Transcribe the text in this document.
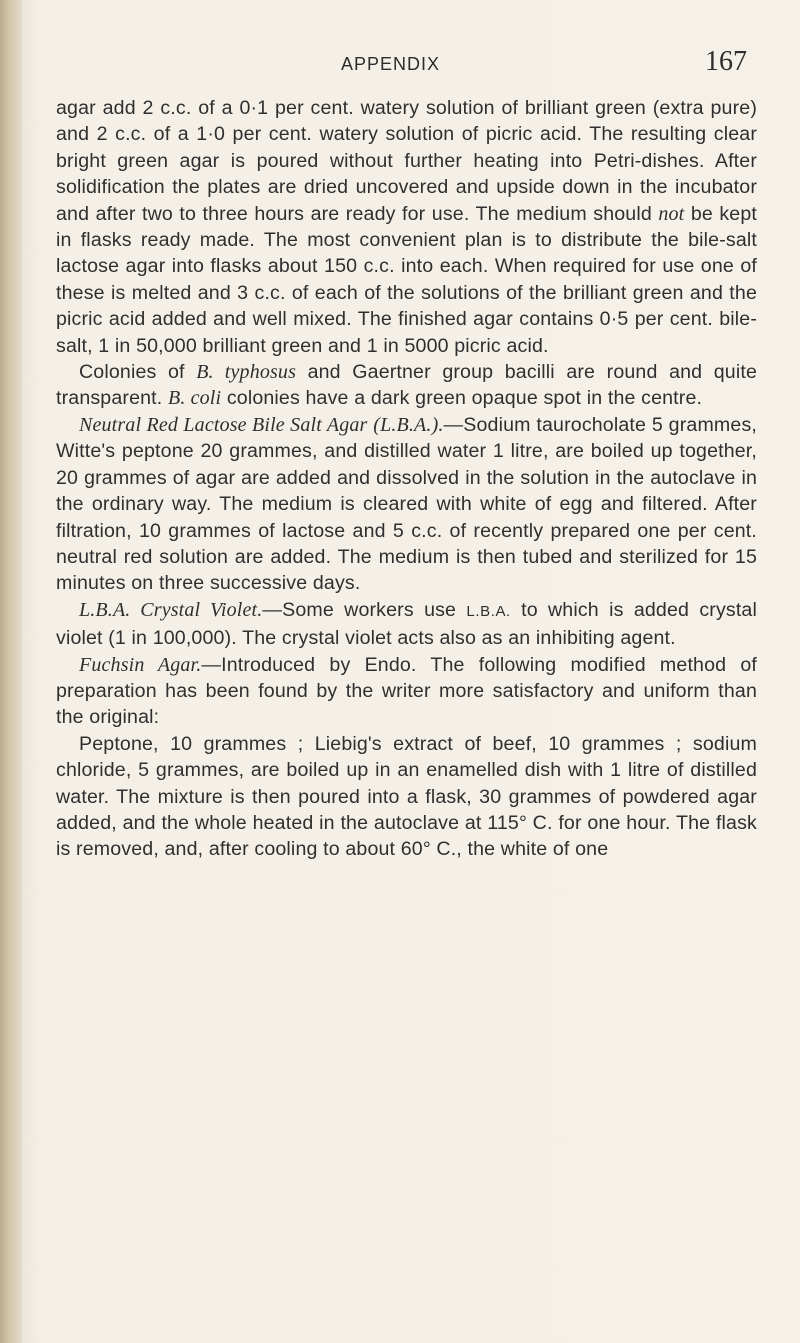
APPENDIX	167

agar add 2 c.c. of a 0·1 per cent. watery solution of brilliant green (extra pure) and 2 c.c. of a 1·0 per cent. watery solution of picric acid. The resulting clear bright green agar is poured without further heating into Petri-dishes. After solidification the plates are dried uncovered and upside down in the incubator and after two to three hours are ready for use. The medium should not be kept in flasks ready made. The most convenient plan is to distribute the bile-salt lactose agar into flasks about 150 c.c. into each. When required for use one of these is melted and 3 c.c. of each of the solutions of the brilliant green and the picric acid added and well mixed. The finished agar contains 0·5 per cent. bile-salt, 1 in 50,000 brilliant green and 1 in 5000 picric acid.

Colonies of B. typhosus and Gaertner group bacilli are round and quite transparent. B. coli colonies have a dark green opaque spot in the centre.

Neutral Red Lactose Bile Salt Agar (L.B.A.).—Sodium taurocholate 5 grammes, Witte's peptone 20 grammes, and distilled water 1 litre, are boiled up together, 20 grammes of agar are added and dissolved in the solution in the autoclave in the ordinary way. The medium is cleared with white of egg and filtered. After filtration, 10 grammes of lactose and 5 c.c. of recently prepared one per cent. neutral red solution are added. The medium is then tubed and sterilized for 15 minutes on three successive days.

L.B.A. Crystal Violet.—Some workers use L.B.A. to which is added crystal violet (1 in 100,000). The crystal violet acts also as an inhibiting agent.

Fuchsin Agar.—Introduced by Endo. The following modified method of preparation has been found by the writer more satisfactory and uniform than the original:

Peptone, 10 grammes ; Liebig's extract of beef, 10 grammes ; sodium chloride, 5 grammes, are boiled up in an enamelled dish with 1 litre of distilled water. The mixture is then poured into a flask, 30 grammes of powdered agar added, and the whole heated in the autoclave at 115° C. for one hour. The flask is removed, and, after cooling to about 60° C., the white of one
